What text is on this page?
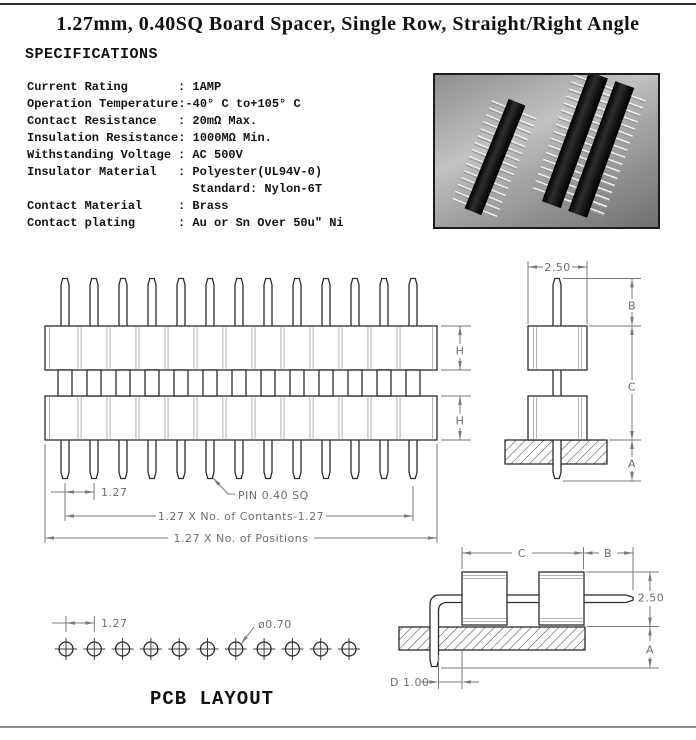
1.27mm, 0.40SQ Board Spacer, Single Row, Straight/Right Angle
SPECIFICATIONS
Current Rating	: 1AMP
Operation Temperature :-40° C to+105° C
Contact Resistance	: 20mΩ Max.
Insulation Resistance : 1000MΩ Min.
Withstanding Voltage : AC 500V
Insulator Material	: Polyester(UL94V-0)
Standard: Nylon-6T
Contact Material	: Brass
Contact plating	: Au or Sn Over 50u" Ni
H
H
1.27	PIN 0.40 SQ
1.27 X No. of Contants-1.27
1.27 X No. of Positions
2.50
B
C
A
C	B
2.50
A
D 1.00
1.27	ø0.70
PCB LAYOUT
